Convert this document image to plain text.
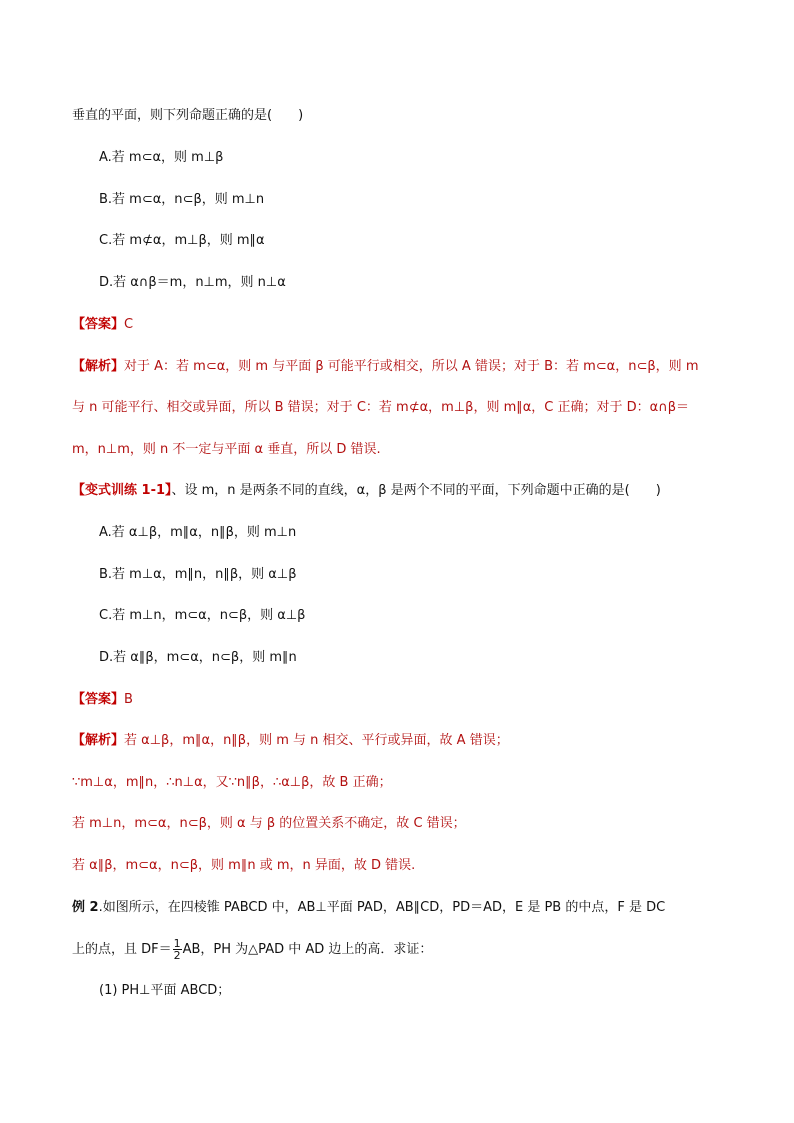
垂直的平面，则下列命题正确的是(　　)
A.若 m⊂α，则 m⊥β
B.若 m⊂α，n⊂β，则 m⊥n
C.若 m⊄α，m⊥β，则 m∥α
D.若 α∩β＝m，n⊥m，则 n⊥α
【答案】C
【解析】对于 A：若 m⊂α，则 m 与平面 β 可能平行或相交，所以 A 错误；对于 B：若 m⊂α，n⊂β，则 m
与 n 可能平行、相交或异面，所以 B 错误；对于 C：若 m⊄α，m⊥β，则 m∥α，C 正确；对于 D：α∩β＝
m，n⊥m，则 n 不一定与平面 α 垂直，所以 D 错误.
【变式训练 1-1】、设 m，n 是两条不同的直线，α，β 是两个不同的平面，下列命题中正确的是(　　)
A.若 α⊥β，m∥α，n∥β，则 m⊥n
B.若 m⊥α，m∥n，n∥β，则 α⊥β
C.若 m⊥n，m⊂α，n⊂β，则 α⊥β
D.若 α∥β，m⊂α，n⊂β，则 m∥n
【答案】B
【解析】若 α⊥β，m∥α，n∥β，则 m 与 n 相交、平行或异面，故 A 错误；
∵m⊥α，m∥n，∴n⊥α，又∵n∥β，∴α⊥β，故 B 正确；
若 m⊥n，m⊂α，n⊂β，则 α 与 β 的位置关系不确定，故 C 错误；
若 α∥β，m⊂α，n⊂β，则 m∥n 或 m，n 异面，故 D 错误.
例 2.如图所示，在四棱锥 PABCD 中，AB⊥平面 PAD，AB∥CD，PD＝AD，E 是 PB 的中点，F 是 DC
上的点，且 $DF= \frac{1}{2}$ AB，PH 为△PAD 中 AD 边上的高．求证：
(1) PH⊥平面 ABCD；
